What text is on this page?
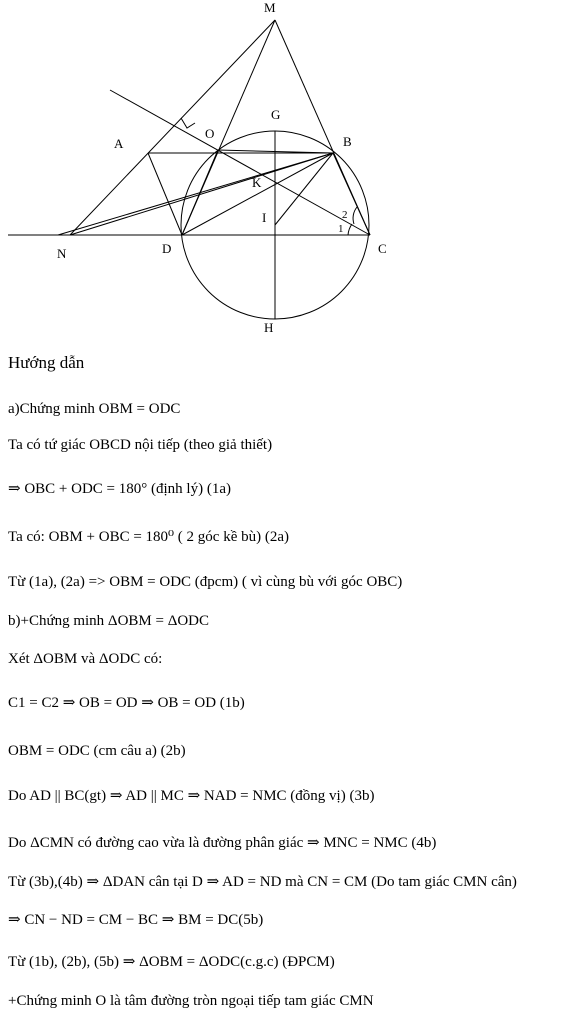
M
A
O
G
B
K
I
N	D	C
H
1
2
Hướng dẫn
a)Chứng minh OBM = ODC
Ta có tứ giác OBCD nội tiếp (theo giả thiết)
⇒ OBC + ODC = 180° (định lý) (1a)
Ta có: OBM + OBC = 180⁰ ( 2 góc kề bù) (2a)
Từ (1a), (2a) => OBM = ODC (đpcm) ( vì cùng bù với góc OBC)
b)+Chứng minh ΔOBM = ΔODC
Xét ΔOBM và ΔODC có:
C1 = C2 ⇒ OB = OD ⇒ OB = OD (1b)
OBM = ODC (cm câu a) (2b)
Do AD || BC(gt) ⇒ AD || MC ⇒ NAD = NMC (đồng vị) (3b)
Do ΔCMN có đường cao vừa là đường phân giác ⇒ MNC = NMC (4b)
Từ (3b),(4b) ⇒ ΔDAN cân tại D ⇒ AD = ND mà CN = CM (Do tam giác CMN cân)
⇒ CN − ND = CM − BC ⇒ BM = DC(5b)
Từ (1b), (2b), (5b) ⇒ ΔOBM = ΔODC(c.g.c) (ĐPCM)
+Chứng minh O là tâm đường tròn ngoại tiếp tam giác CMN
